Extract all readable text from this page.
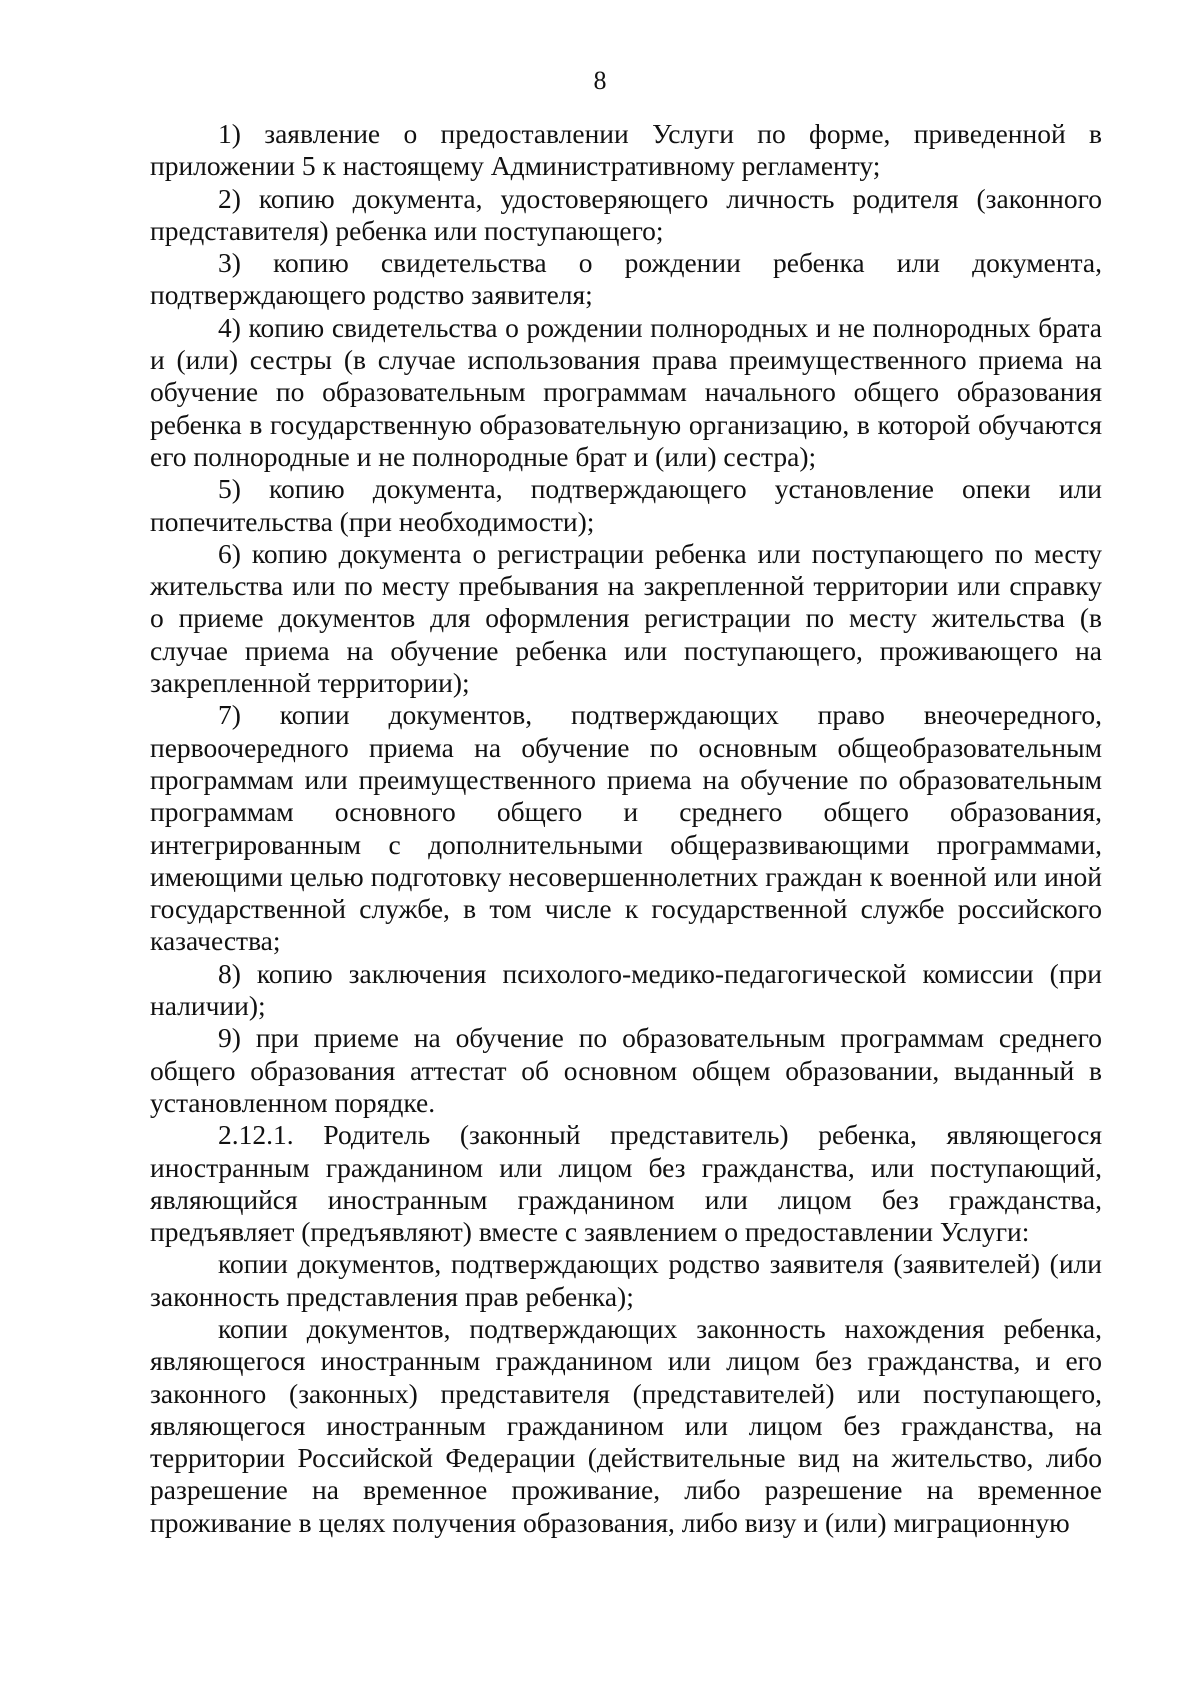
8

1) заявление о предоставлении Услуги по форме, приведенной в приложении 5 к настоящему Административному регламенту;

2) копию документа, удостоверяющего личность родителя (законного представителя) ребенка или поступающего;

3) копию свидетельства о рождении ребенка или документа, подтверждающего родство заявителя;

4) копию свидетельства о рождении полнородных и не полнородных брата и (или) сестры (в случае использования права преимущественного приема на обучение по образовательным программам начального общего образования ребенка в государственную образовательную организацию, в которой обучаются его полнородные и не полнородные брат и (или) сестра);

5) копию документа, подтверждающего установление опеки или попечительства (при необходимости);

6) копию документа о регистрации ребенка или поступающего по месту жительства или по месту пребывания на закрепленной территории или справку о приеме документов для оформления регистрации по месту жительства (в случае приема на обучение ребенка или поступающего, проживающего на закрепленной территории);

7) копии документов, подтверждающих право внеочередного, первоочередного приема на обучение по основным общеобразовательным программам или преимущественного приема на обучение по образовательным программам основного общего и среднего общего образования, интегрированным с дополнительными общеразвивающими программами, имеющими целью подготовку несовершеннолетних граждан к военной или иной государственной службе, в том числе к государственной службе российского казачества;

8) копию заключения психолого-медико-педагогической комиссии (при наличии);

9) при приеме на обучение по образовательным программам среднего общего образования аттестат об основном общем образовании, выданный в установленном порядке.

2.12.1. Родитель (законный представитель) ребенка, являющегося иностранным гражданином или лицом без гражданства, или поступающий, являющийся иностранным гражданином или лицом без гражданства, предъявляет (предъявляют) вместе с заявлением о предоставлении Услуги:

копии документов, подтверждающих родство заявителя (заявителей) (или законность представления прав ребенка);

копии документов, подтверждающих законность нахождения ребенка, являющегося иностранным гражданином или лицом без гражданства, и его законного (законных) представителя (представителей) или поступающего, являющегося иностранным гражданином или лицом без гражданства, на территории Российской Федерации (действительные вид на жительство, либо разрешение на временное проживание, либо разрешение на временное проживание в целях получения образования, либо визу и (или) миграционную
